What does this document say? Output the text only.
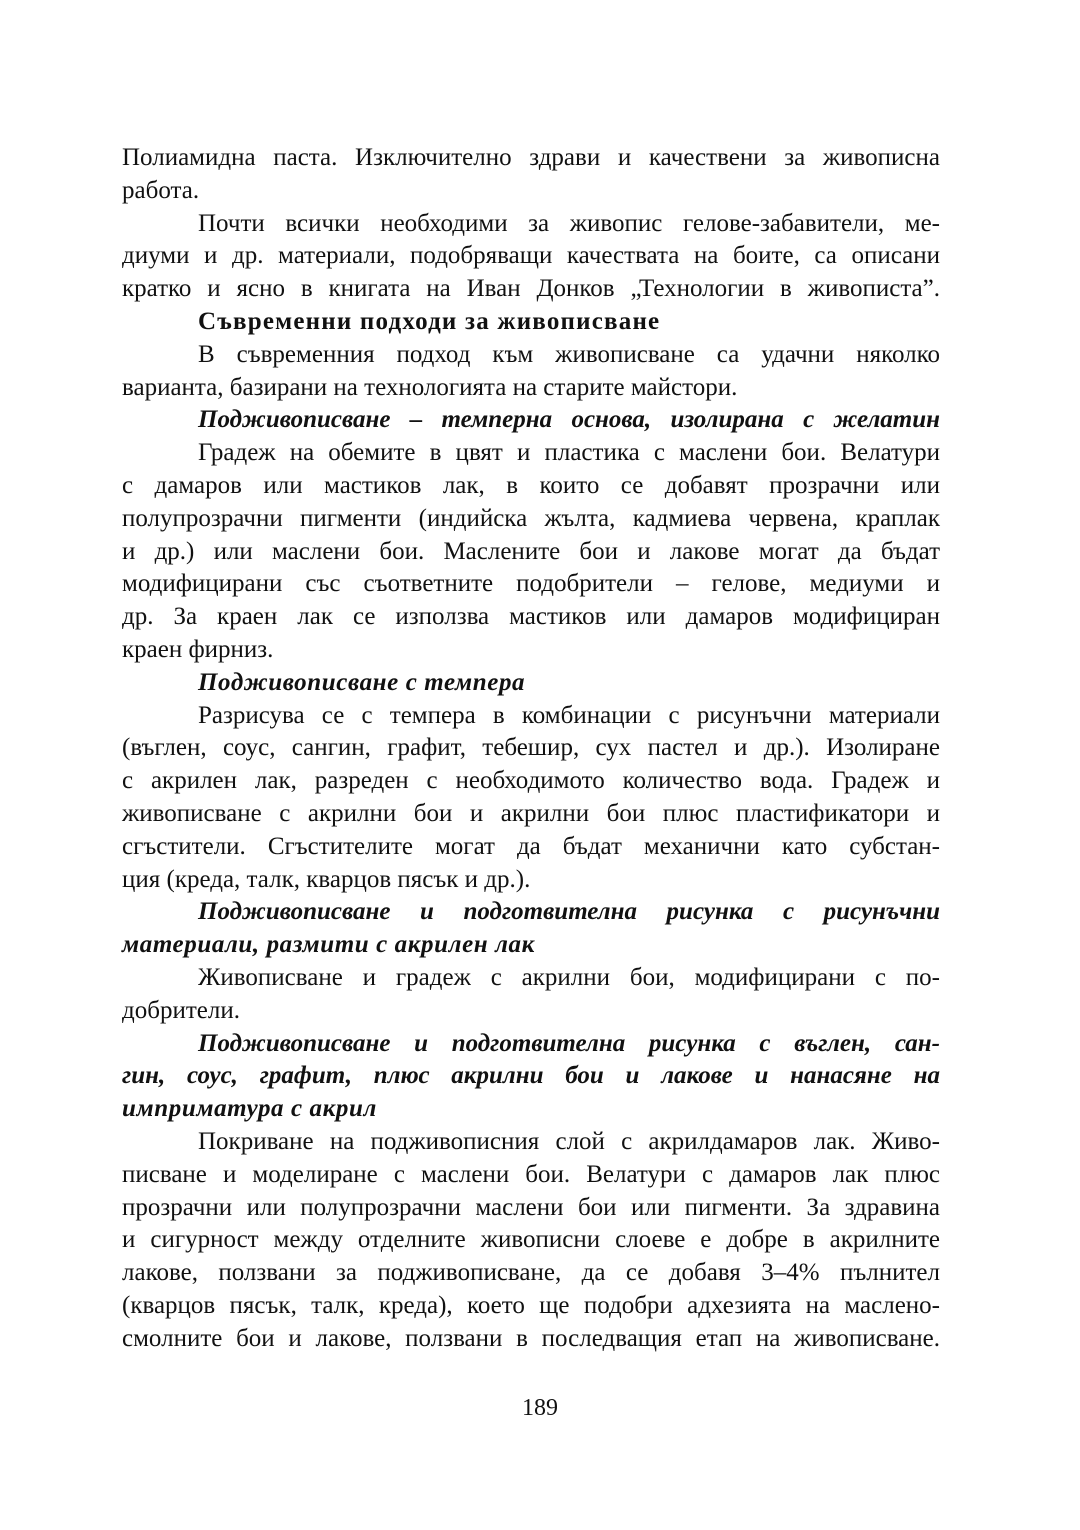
Полиамидна паста. Изключително здрави и качествени за живописна
работа.
Почти всички необходими за живопис гелове-забавители, ме-
диуми и др. материали, подобряващи качествата на боите, са описани
кратко и ясно в книгата на Иван Донков „Технологии в живописта”.
Съвременни подходи за живописване
В съвременния подход към живописване са удачни няколко
варианта, базирани на технологията на старите майстори.
Подживописване – темперна основа, изолирана с желатин
Градеж на обемите в цвят и пластика с маслени бои. Велатури
с дамаров или мастиков лак, в които се добавят прозрачни или
полупрозрачни пигменти (индийска жълта, кадмиева червена, краплак
и др.) или маслени бои. Маслените бои и лакове могат да бъдат
модифицирани със съответните подобрители – гелове, медиуми и
др. За краен лак се използва мастиков или дамаров модифициран
краен фирниз.
Подживописване с темпера
Разрисува се с темпера в комбинации с рисунъчни материали
(въглен, соус, сангин, графит, тебешир, сух пастел и др.). Изолиране
с акрилен лак, разреден с необходимото количество вода. Градеж и
живописване с акрилни бои и акрилни бои плюс пластификатори и
сгъстители. Сгъстителите могат да бъдат механични като субстан-
ция (креда, талк, кварцов пясък и др.).
Подживописване и подготвителна рисунка с рисунъчни
материали, размити с акрилен лак
Живописване и градеж с акрилни бои, модифицирани с по-
добрители.
Подживописване и подготвителна рисунка с въглен, сан-
гин, соус, графит, плюс акрилни бои и лакове и нанасяне на
имприматура с акрил
Покриване на подживописния слой с акрилдамаров лак. Живо-
писване и моделиране с маслени бои. Велатури с дамаров лак плюс
прозрачни или полупрозрачни маслени бои или пигменти. За здравина
и сигурност между отделните живописни слоеве е добре в акрилните
лакове, ползвани за подживописване, да се добавя 3–4% пълнител
(кварцов пясък, талк, креда), което ще подобри адхезията на маслено-
смолните бои и лакове, ползвани в последващия етап на живописване.
189
